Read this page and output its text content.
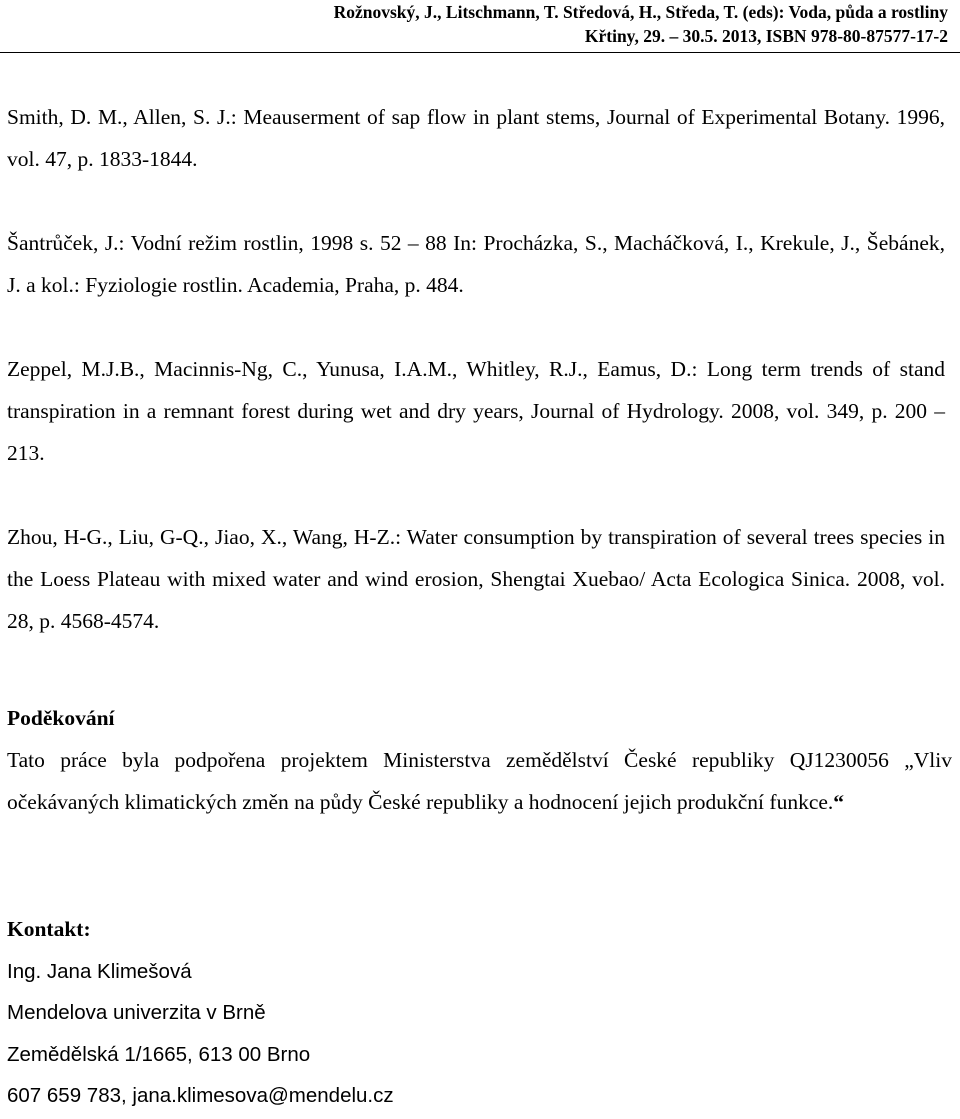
Rožnovský, J., Litschmann, T. Středová, H., Středa, T. (eds): Voda, půda a rostliny
Křtiny, 29. – 30.5. 2013, ISBN 978-80-87577-17-2

Smith, D. M., Allen, S. J.: Meauserment of sap flow in plant stems, Journal of Experimental Botany. 1996, vol. 47, p. 1833-1844.

Šantrůček, J.: Vodní režim rostlin, 1998 s. 52 – 88 In: Procházka, S., Macháčková, I., Krekule, J., Šebánek, J. a kol.: Fyziologie rostlin. Academia, Praha, p. 484.

Zeppel, M.J.B., Macinnis-Ng, C., Yunusa, I.A.M., Whitley, R.J., Eamus, D.: Long term trends of stand transpiration in a remnant forest during wet and dry years, Journal of Hydrology. 2008, vol. 349, p. 200 – 213.

Zhou, H-G., Liu, G-Q., Jiao, X., Wang, H-Z.: Water consumption by transpiration of several trees species in the Loess Plateau with mixed water and wind erosion, Shengtai Xuebao/ Acta Ecologica Sinica. 2008, vol. 28, p. 4568-4574.

Poděkování

Tato práce byla podpořena projektem Ministerstva zemědělství České republiky QJ1230056 „Vliv očekávaných klimatických změn na půdy České republiky a hodnocení jejich produkční funkce.“

Kontakt:

Ing. Jana Klimešová

Mendelova univerzita v Brně

Zemědělská 1/1665, 613 00 Brno

607 659 783, jana.klimesova@mendelu.cz
